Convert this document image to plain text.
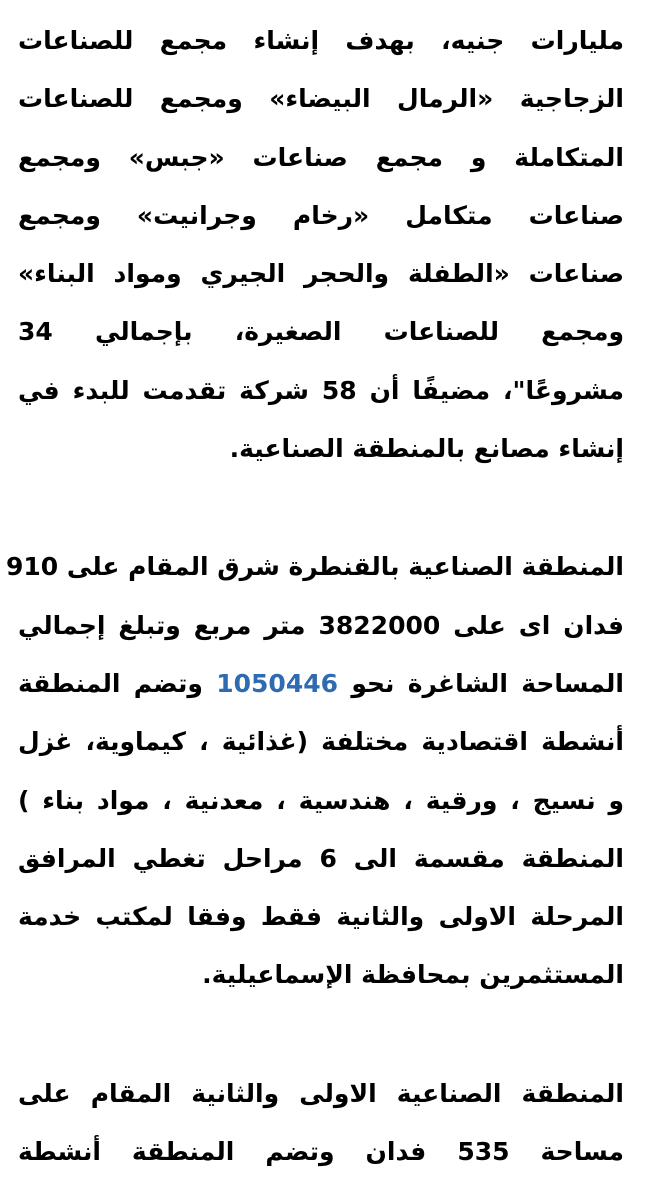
مليارات جنيه، بهدف إنشاء مجمع للصناعات
الزجاجية «الرمال البيضاء» ومجمع للصناعات
المتكاملة و مجمع صناعات «جبس» ومجمع
صناعات متكامل «رخام وجرانيت» ومجمع
صناعات «الطفلة والحجر الجيري ومواد البناء»
ومجمع للصناعات الصغيرة، بإجمالي 34
مشروعًا"، مضيفًا أن 58 شركة تقدمت للبدء في
إنشاء مصانع بالمنطقة الصناعية.
المنطقة الصناعية بالقنطرة شرق المقام على 910
فدان اى على 3822000 متر مربع وتبلغ إجمالي
المساحة الشاغرة نحو 1050446 وتضم المنطقة
أنشطة اقتصادية مختلفة (غذائية ، كيماوية، غزل
و نسيج ، ورقية ، هندسية ، معدنية ، مواد بناء )
المنطقة مقسمة الى 6 مراحل تغطي المرافق
المرحلة الاولى والثانية فقط وفقا لمكتب خدمة
المستثمرين بمحافظة الإسماعيلية.
المنطقة الصناعية الاولى والثانية المقام على
مساحة 535 فدان وتضم المنطقة أنشطة
